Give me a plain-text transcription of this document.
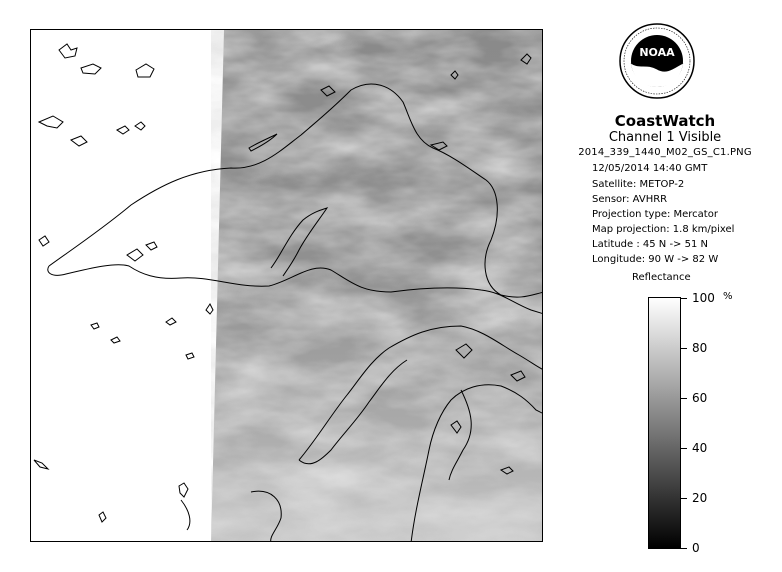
NOAA
CoastWatch
Channel 1 Visible
2014_339_1440_M02_GS_C1.PNG
12/05/2014 14:40 GMT
Satellite: METOP-2
Sensor: AVHRR
Projection type: Mercator
Map projection: 1.8 km/pixel
Latitude : 45 N -> 51 N
Longitude: 90 W -> 82 W
Reflectance
%
100
80
60
40
20
0
